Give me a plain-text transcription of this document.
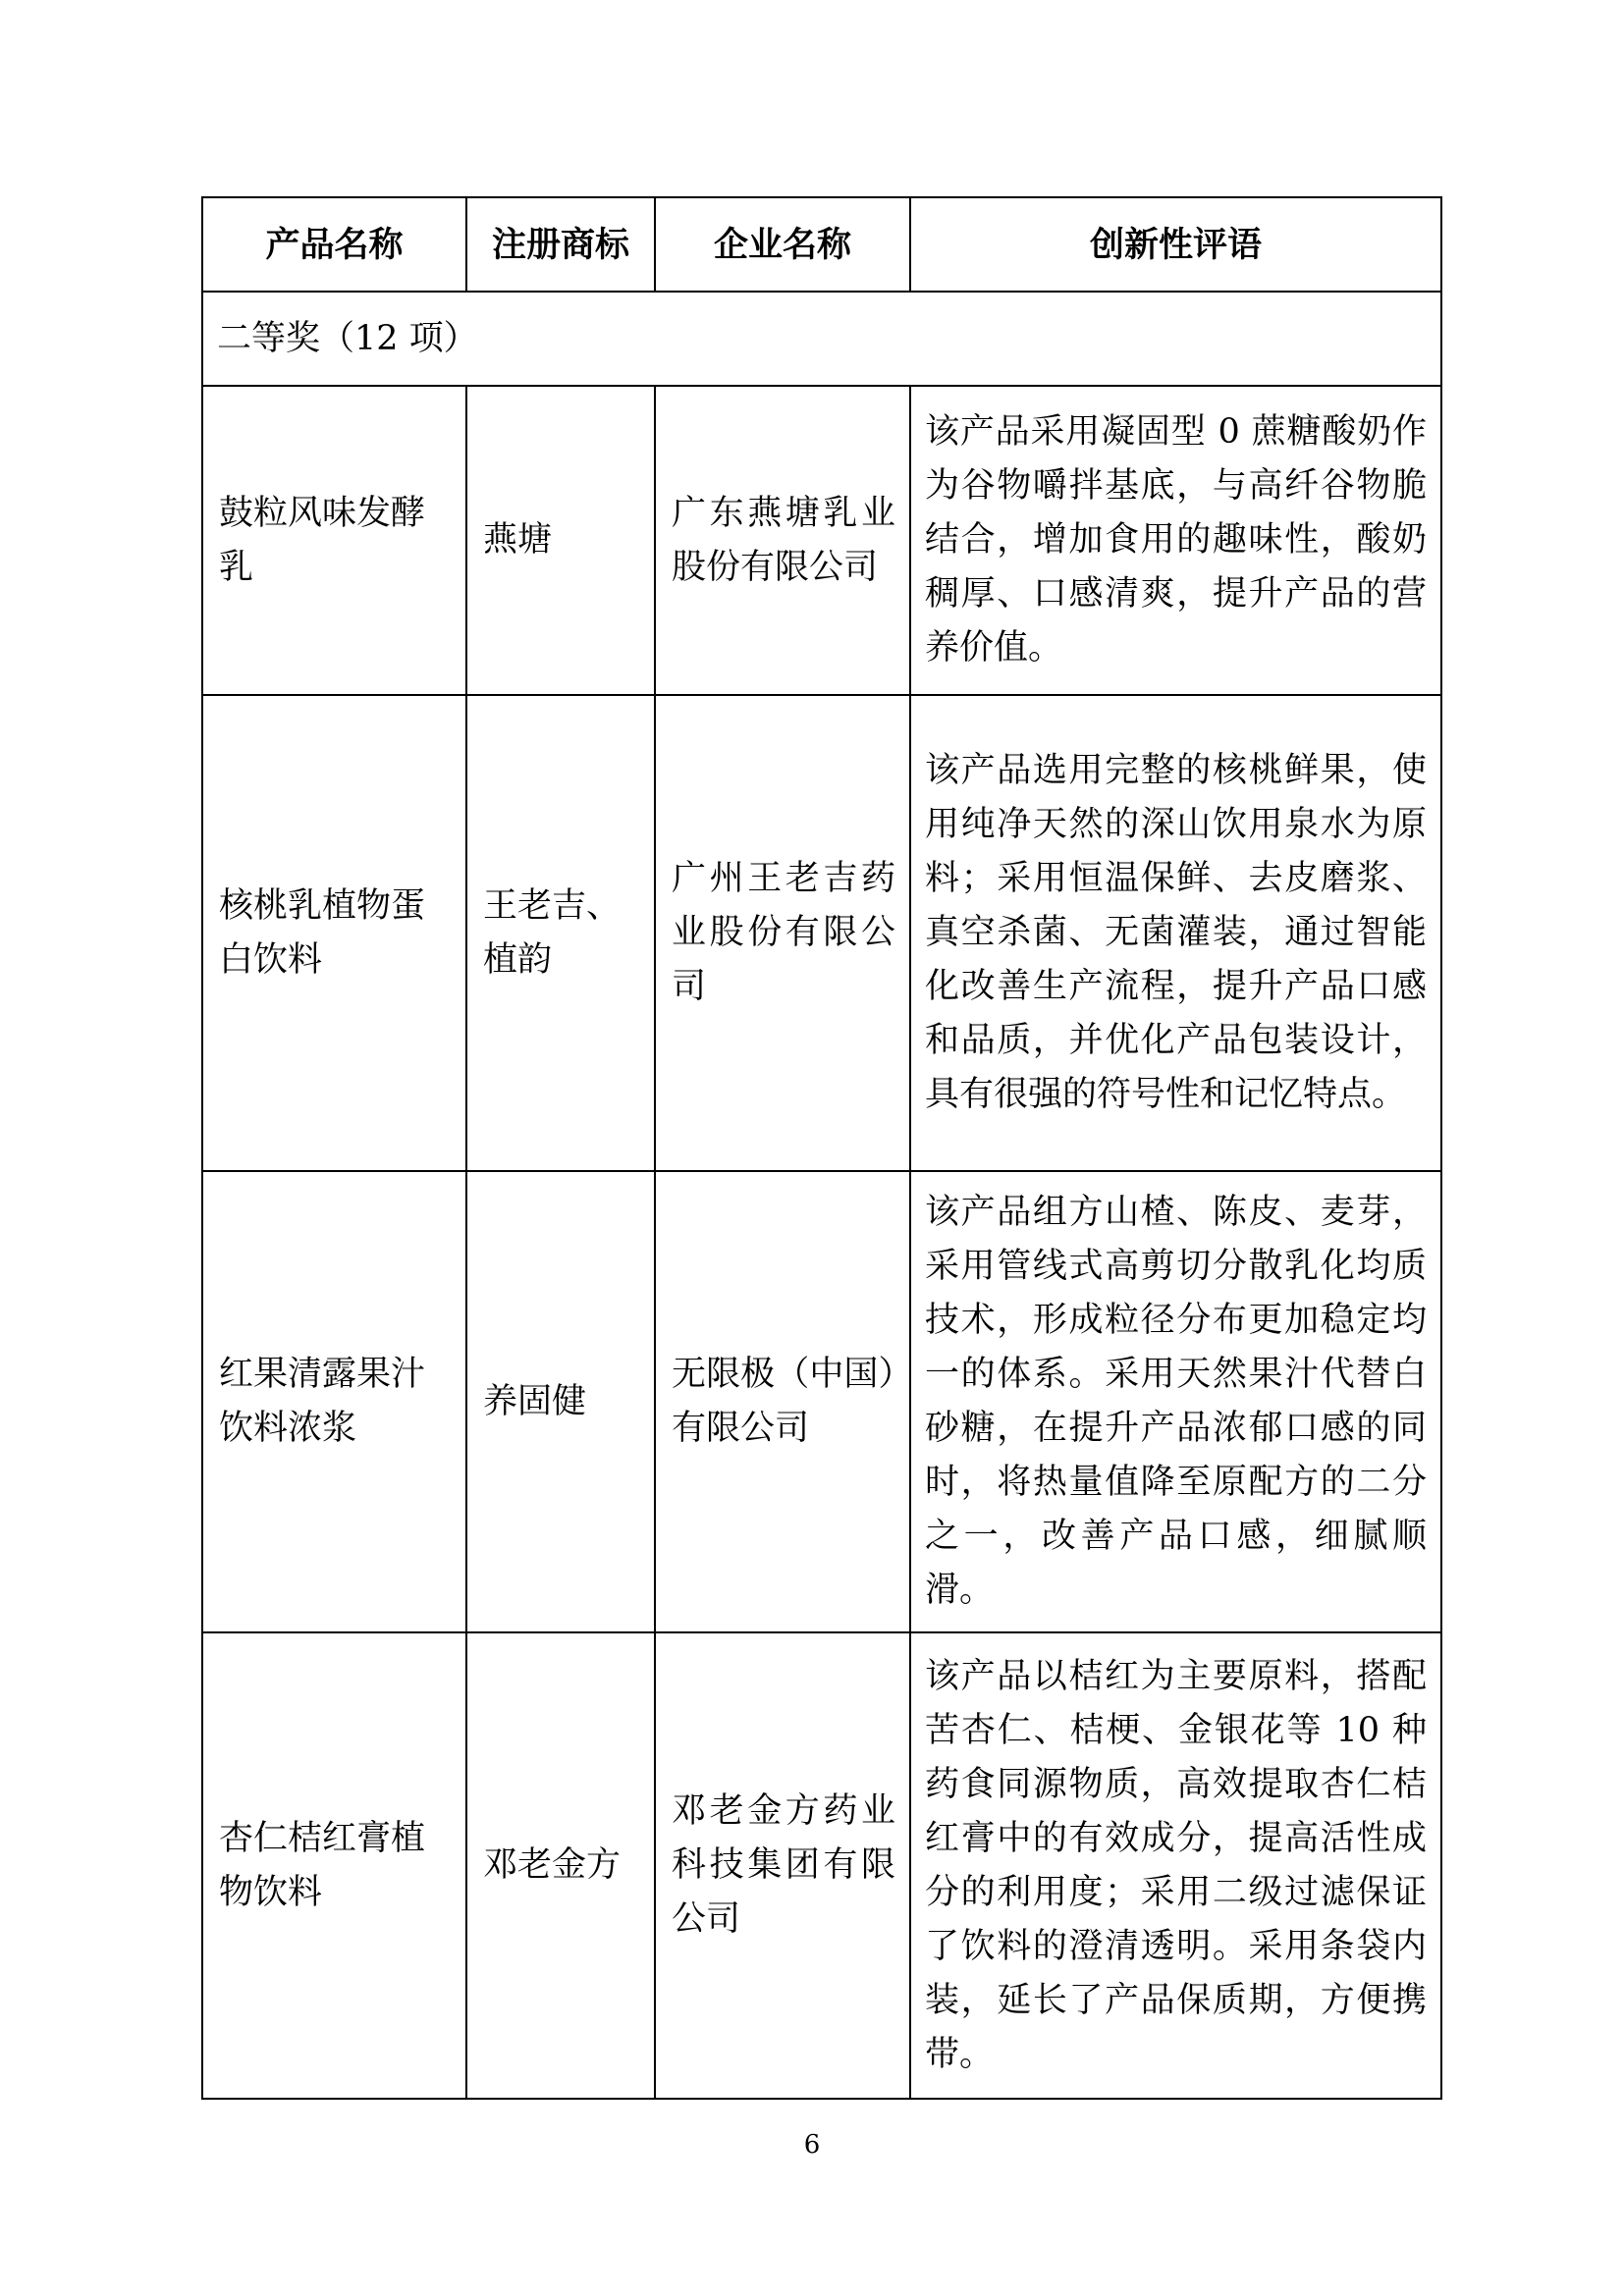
产品名称	注册商标	企业名称	创新性评语
二等奖（12 项）			
鼓粒风味发酵乳	燕塘	广东燕塘乳业股份有限公司	该产品采用凝固型 0 蔗糖酸奶作为谷物嚼拌基底，与高纤谷物脆结合，增加食用的趣味性，酸奶稠厚、口感清爽，提升产品的营养价值。
核桃乳植物蛋白饮料	王老吉、植韵	广州王老吉药业股份有限公司	该产品选用完整的核桃鲜果，使用纯净天然的深山饮用泉水为原料；采用恒温保鲜、去皮磨浆、真空杀菌、无菌灌装，通过智能化改善生产流程，提升产品口感和品质，并优化产品包装设计，具有很强的符号性和记忆特点。
红果清露果汁饮料浓浆	养固健	无限极（中国）有限公司	该产品组方山楂、陈皮、麦芽，采用管线式高剪切分散乳化均质技术，形成粒径分布更加稳定均一的体系。采用天然果汁代替白砂糖，在提升产品浓郁口感的同时，将热量值降至原配方的二分之一，改善产品口感，细腻顺滑。
杏仁桔红膏植物饮料	邓老金方	邓老金方药业科技集团有限公司	该产品以桔红为主要原料，搭配苦杏仁、桔梗、金银花等 10 种药食同源物质，高效提取杏仁桔红膏中的有效成分，提高活性成分的利用度；采用二级过滤保证了饮料的澄清透明。采用条袋内装，延长了产品保质期，方便携带。
6
